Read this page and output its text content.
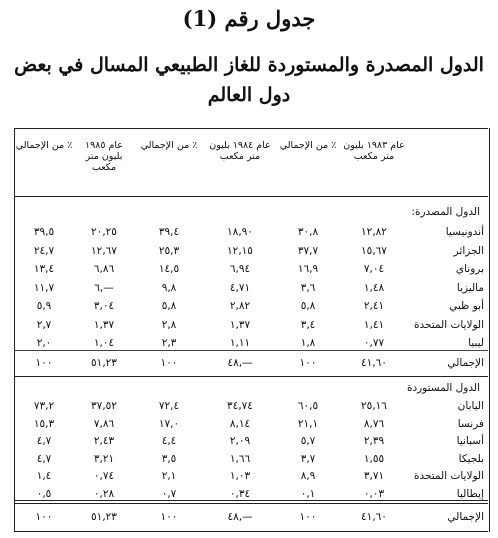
جدول رقم (1)
الدول المصدرة والمستوردة للغاز الطبيعي المسال في بعض دول العالم
عام ١٩٨٣ بليون متر مكعب
٪ من الإجمالي
عام ١٩٨٤ بليون متر مكعب
٪ من الإجمالي
عام ١٩٨٥ بليون متر مكعب
٪ من الإجمالي
الدول المصدرة:
أندونيسيا
١٢,٨٢
٣٠,٨
١٨,٩٠
٣٩,٤
٢٠,٢٥
٣٩,٥
الجزائر
١٥,٦٧
٣٧,٧
١٢,١٥
٢٥,٣
١٢,٦٧
٢٤,٧
بروناي
٧,٠٤
١٦,٩
٦,٩٤
١٤,٥
٦,٨٦
١٣,٤
ماليزيا
١,٤٨
٣,٦
٤,٧١
٩,٨
٦,—
١١,٧
أبو ظبي
٢,٤١
٥,٨
٢,٨٢
٥,٨
٣,٠٤
٥,٩
الولايات المتحدة
١,٤١
٣,٤
١,٣٧
٢,٨
١,٣٧
٢,٧
ليبيا
٠,٧٧
١,٨
١,١١
٢,٣
١,٠٤
٢,٠
الإجمالي
٤١,٦٠
١٠٠
٤٨,—
١٠٠
٥١,٢٣
١٠٠
الدول المستوردة
اليابان
٢٥,١٦
٦٠,٥
٣٤,٧٤
٧٢,٤
٣٧,٥٢
٧٣,٢
فرنسا
٨,٧٦
٢١,١
٨,١٤
١٧,٠
٧,٨٦
١٥,٣
أسبانيا
٢,٣٩
٥,٧
٢,٠٩
٤,٤
٢,٤٣
٤,٧
بلجيكا
١,٥٥
٣,٧
١,٦٦
٣,٥
٣,٢١
٤,٧
الولايات المتحدة
٣,٧١
٨,٩
١,٠٣
٢,١
٠,٧٤
١,٤
إيطاليا
٠,٠٣
٠,١
٠,٣٤
٠,٧
٠,٢٨
٠,٥
الإجمالي
٤١,٦٠
١٠٠
٤٨,—
١٠٠
٥١,٢٣
١٠٠
